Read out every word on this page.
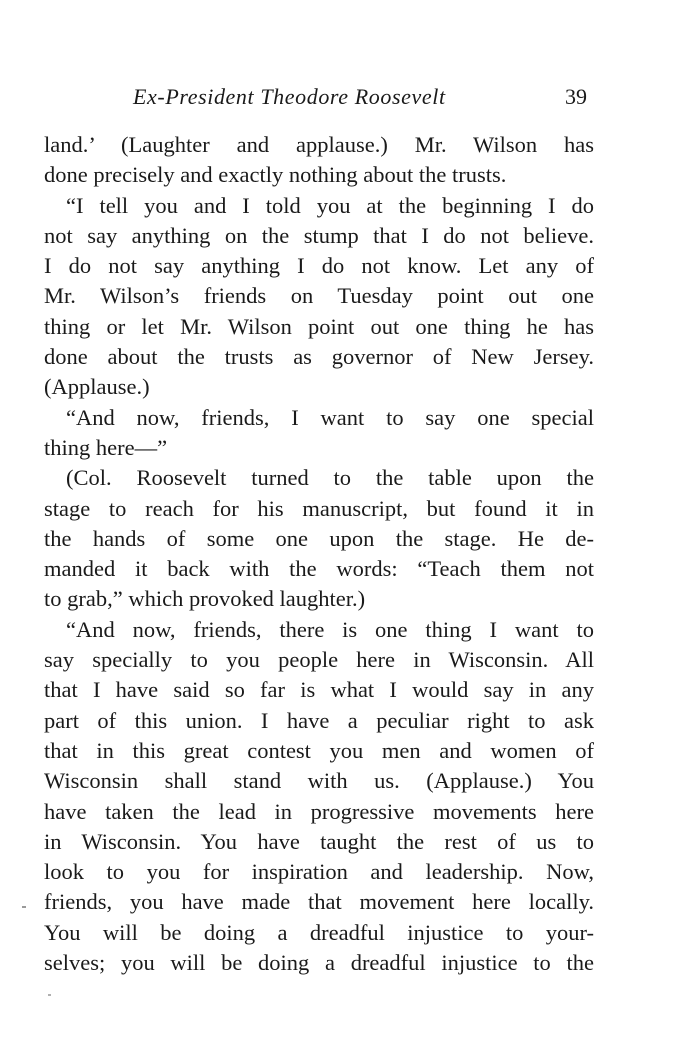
Ex-President Theodore Roosevelt	39
land.’ (Laughter and applause.) Mr. Wilson has
done precisely and exactly nothing about the trusts.
“I tell you and I told you at the beginning I do
not say anything on the stump that I do not believe.
I do not say anything I do not know. Let any of
Mr. Wilson’s friends on Tuesday point out one
thing or let Mr. Wilson point out one thing he has
done about the trusts as governor of New Jersey.
(Applause.)
“And now, friends, I want to say one special
thing here—”
(Col. Roosevelt turned to the table upon the
stage to reach for his manuscript, but found it in
the hands of some one upon the stage. He de-
manded it back with the words: “Teach them not
to grab,” which provoked laughter.)
“And now, friends, there is one thing I want to
say specially to you people here in Wisconsin. All
that I have said so far is what I would say in any
part of this union. I have a peculiar right to ask
that in this great contest you men and women of
Wisconsin shall stand with us. (Applause.) You
have taken the lead in progressive movements here
in Wisconsin. You have taught the rest of us to
look to you for inspiration and leadership. Now,
friends, you have made that movement here locally.
You will be doing a dreadful injustice to your-
selves; you will be doing a dreadful injustice to the
